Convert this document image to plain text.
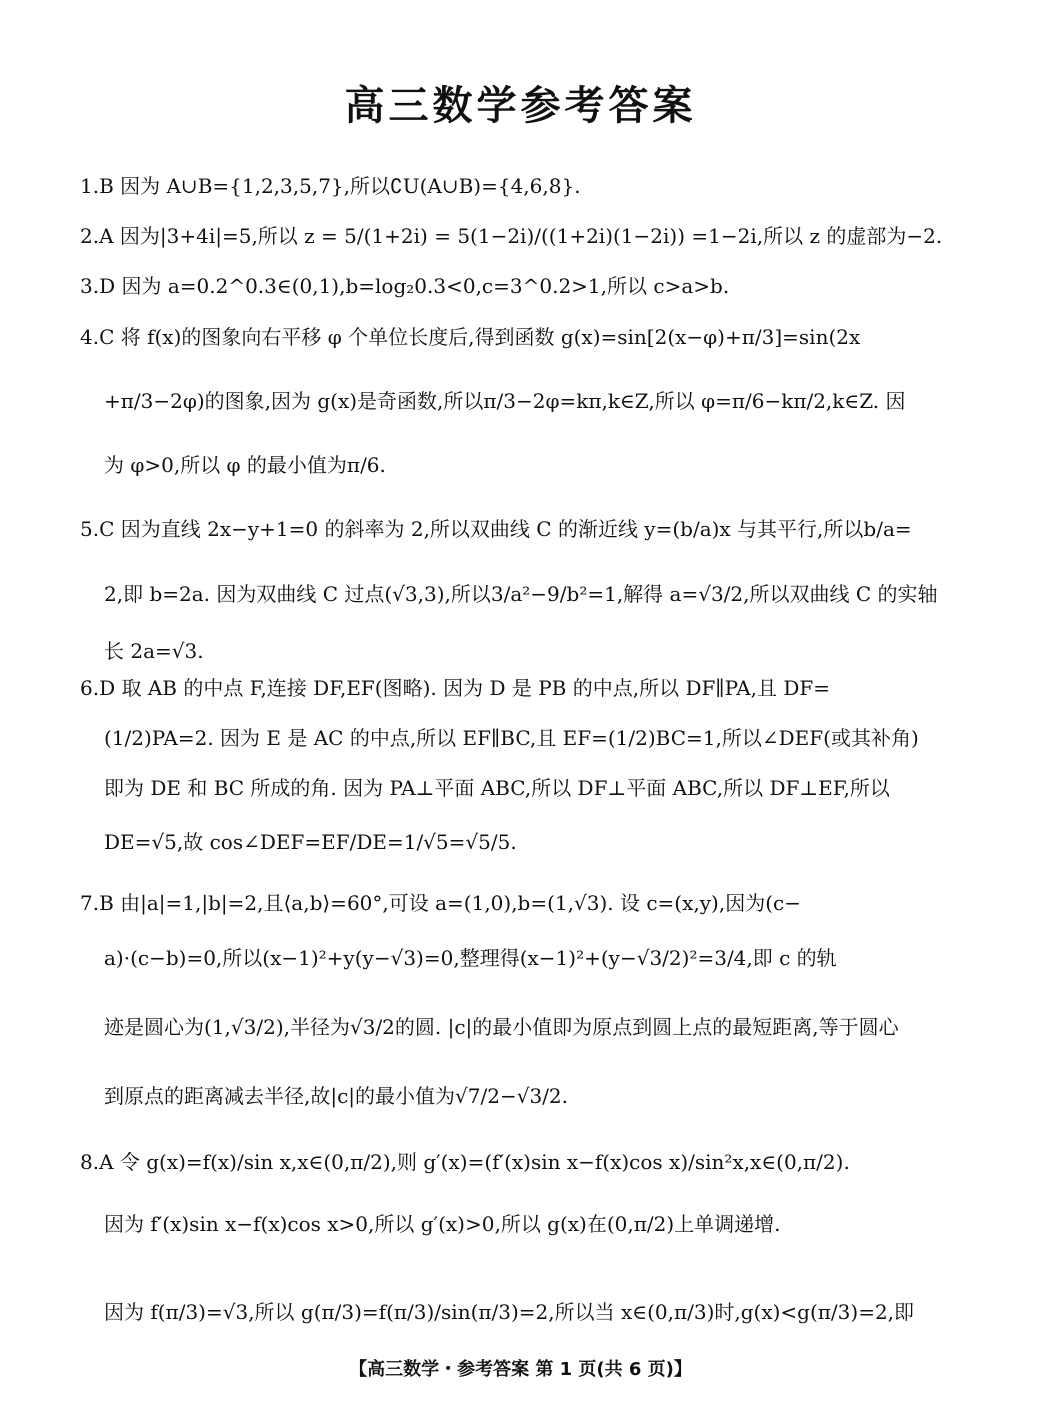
高三数学参考答案
1.B 因为 A∪B={1,2,3,5,7},所以∁U(A∪B)={4,6,8}.
2.A 因为|3+4i|=5,所以 z = 5/(1+2i) = 5(1−2i)/((1+2i)(1−2i)) =1−2i,所以 z 的虚部为−2.
3.D 因为 a=0.2^0.3∈(0,1),b=log₂0.3<0,c=3^0.2>1,所以 c>a>b.
4.C 将 f(x)的图象向右平移 φ 个单位长度后,得到函数 g(x)=sin[2(x−φ)+π/3]=sin(2x
+π/3−2φ)的图象,因为 g(x)是奇函数,所以π/3−2φ=kπ,k∈Z,所以 φ=π/6−kπ/2,k∈Z. 因
为 φ>0,所以 φ 的最小值为π/6.
5.C 因为直线 2x−y+1=0 的斜率为 2,所以双曲线 C 的渐近线 y=(b/a)x 与其平行,所以b/a=
2,即 b=2a. 因为双曲线 C 过点(√3,3),所以3/a²−9/b²=1,解得 a=√3/2,所以双曲线 C 的实轴
长 2a=√3.
6.D 取 AB 的中点 F,连接 DF,EF(图略). 因为 D 是 PB 的中点,所以 DF∥PA,且 DF=
(1/2)PA=2. 因为 E 是 AC 的中点,所以 EF∥BC,且 EF=(1/2)BC=1,所以∠DEF(或其补角)
即为 DE 和 BC 所成的角. 因为 PA⊥平面 ABC,所以 DF⊥平面 ABC,所以 DF⊥EF,所以
DE=√5,故 cos∠DEF=EF/DE=1/√5=√5/5.
7.B 由|a|=1,|b|=2,且⟨a,b⟩=60°,可设 a=(1,0),b=(1,√3). 设 c=(x,y),因为(c−
a)·(c−b)=0,所以(x−1)²+y(y−√3)=0,整理得(x−1)²+(y−√3/2)²=3/4,即 c 的轨
迹是圆心为(1,√3/2),半径为√3/2的圆. |c|的最小值即为原点到圆上点的最短距离,等于圆心
到原点的距离减去半径,故|c|的最小值为√7/2−√3/2.
8.A 令 g(x)=f(x)/sin x,x∈(0,π/2),则 g′(x)=(f′(x)sin x−f(x)cos x)/sin²x,x∈(0,π/2).
因为 f′(x)sin x−f(x)cos x>0,所以 g′(x)>0,所以 g(x)在(0,π/2)上单调递增.
因为 f(π/3)=√3,所以 g(π/3)=f(π/3)/sin(π/3)=2,所以当 x∈(0,π/3)时,g(x)<g(π/3)=2,即
【高三数学・参考答案 第 1 页(共 6 页)】
